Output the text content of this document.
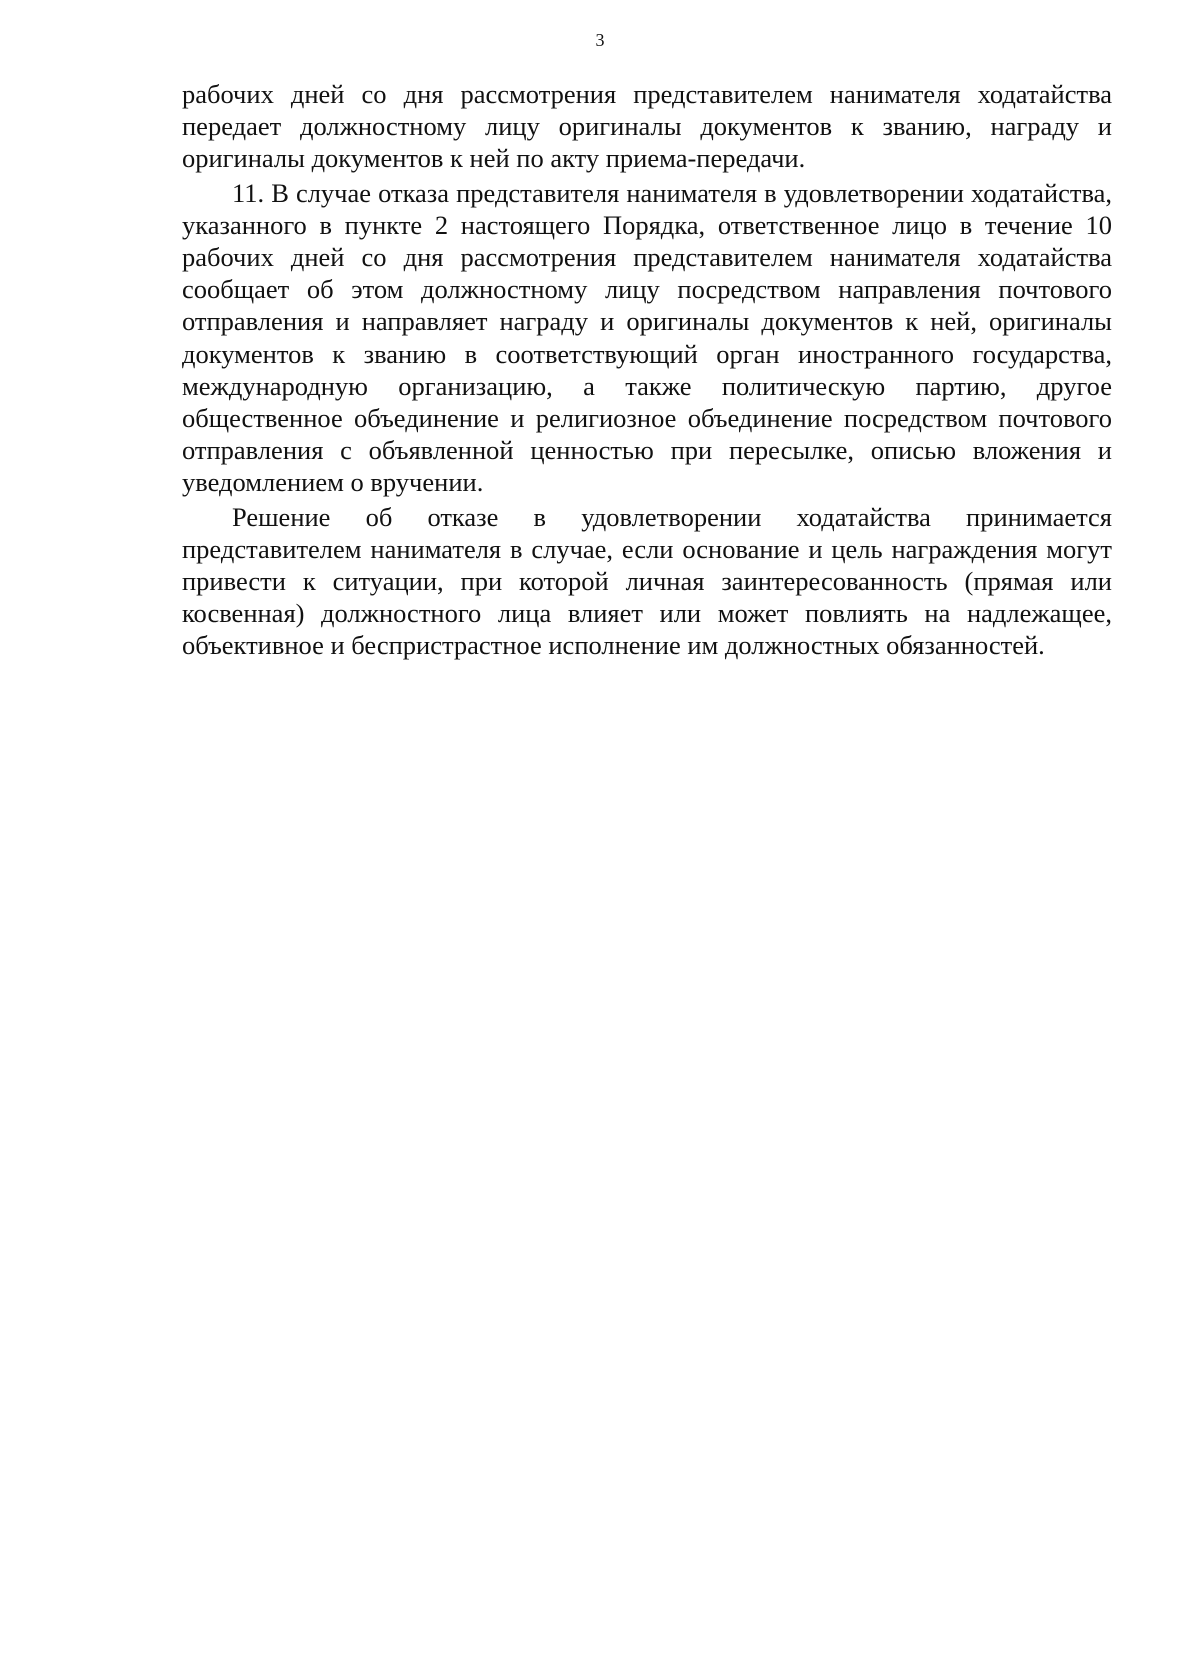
3

рабочих дней со дня рассмотрения представителем нанимателя ходатайства передает должностному лицу оригиналы документов к званию, награду и оригиналы документов к ней по акту приема-передачи.

11. В случае отказа представителя нанимателя в удовлетворении ходатайства, указанного в пункте 2 настоящего Порядка, ответственное лицо в течение 10 рабочих дней со дня рассмотрения представителем нанимателя ходатайства сообщает об этом должностному лицу посредством направления почтового отправления и направляет награду и оригиналы документов к ней, оригиналы документов к званию в соответствующий орган иностранного государства, международную организацию, а также политическую партию, другое общественное объединение и религиозное объединение посредством почтового отправления с объявленной ценностью при пересылке, описью вложения и уведомлением о вручении.

Решение об отказе в удовлетворении ходатайства принимается представителем нанимателя в случае, если основание и цель награждения могут привести к ситуации, при которой личная заинтересованность (прямая или косвенная) должностного лица влияет или может повлиять на надлежащее, объективное и беспристрастное исполнение им должностных обязанностей.
